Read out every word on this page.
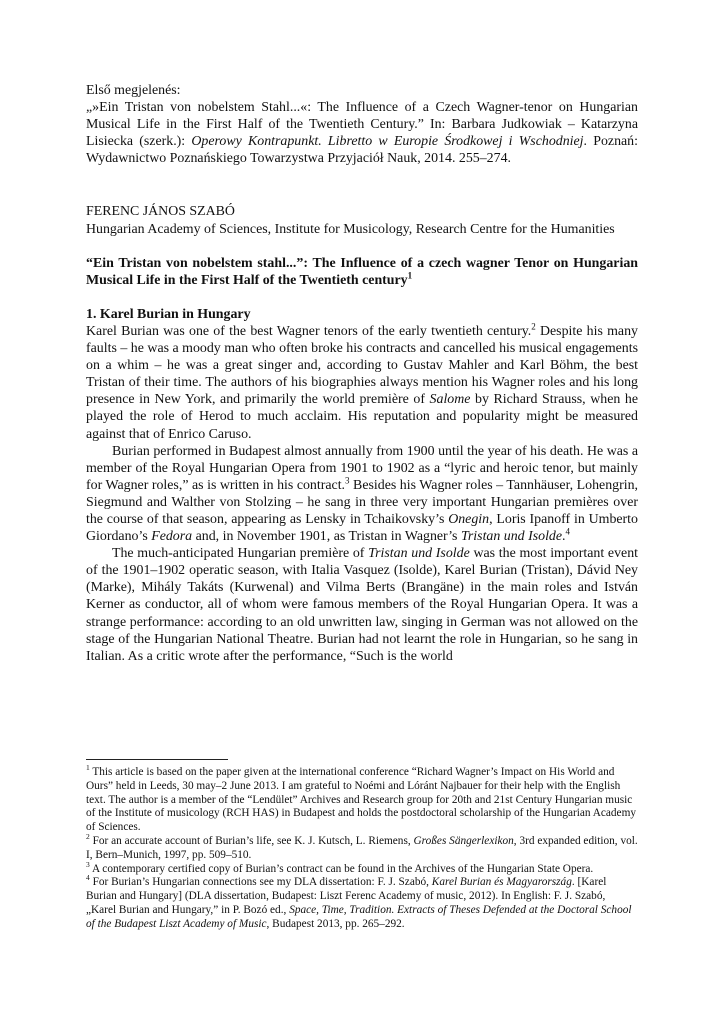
Első megjelenés:

„»Ein Tristan von nobelstem Stahl...«: The Influence of a Czech Wagner-tenor on Hungarian Musical Life in the First Half of the Twentieth Century.” In: Barbara Judkowiak – Katarzyna Lisiecka (szerk.): Operowy Kontrapunkt. Libretto w Europie Środkowej i Wschodniej. Poznań: Wydawnictwo Poznańskiego Towarzystwa Przyjaciół Nauk, 2014. 255–274.

FERENC JÁNOS SZABÓ

Hungarian Academy of Sciences, Institute for Musicology, Research Centre for the Humanities

“Ein Tristan von nobelstem stahl...”: The Influence of a czech wagner Tenor on Hungarian Musical Life in the First Half of the Twentieth century$^1$

1. Karel Burian in Hungary

Karel Burian was one of the best Wagner tenors of the early twentieth century.$^2$ Despite his many faults – he was a moody man who often broke his contracts and cancelled his musical engagements on a whim – he was a great singer and, according to Gustav Mahler and Karl Böhm, the best Tristan of their time. The authors of his biographies always mention his Wagner roles and his long presence in New York, and primarily the world première of Salome by Richard Strauss, when he played the role of Herod to much acclaim. His reputation and popularity might be measured against that of Enrico Caruso.

Burian performed in Budapest almost annually from 1900 until the year of his death. He was a member of the Royal Hungarian Opera from 1901 to 1902 as a “lyric and heroic tenor, but mainly for Wagner roles,” as is written in his contract.$^3$ Besides his Wagner roles – Tannhäuser, Lohengrin, Siegmund and Walther von Stolzing – he sang in three very important Hungarian premières over the course of that season, appearing as Lensky in Tchaikovsky’s Onegin, Loris Ipanoff in Umberto Giordano’s Fedora and, in November 1901, as Tristan in Wagner’s Tristan und Isolde.$^4$

The much-anticipated Hungarian première of Tristan und Isolde was the most important event of the 1901–1902 operatic season, with Italia Vasquez (Isolde), Karel Burian (Tristan), Dávid Ney (Marke), Mihály Takáts (Kurwenal) and Vilma Berts (Brangäne) in the main roles and István Kerner as conductor, all of whom were famous members of the Royal Hungarian Opera. It was a strange performance: according to an old unwritten law, singing in German was not allowed on the stage of the Hungarian National Theatre. Burian had not learnt the role in Hungarian, so he sang in Italian. As a critic wrote after the performance, “Such is the world

$^1$ This article is based on the paper given at the international conference “Richard Wagner’s Impact on His World and Ours” held in Leeds, 30 may–2 June 2013. I am grateful to Noémi and Lóránt Najbauer for their help with the English text. The author is a member of the “Lendület” Archives and Research group for 20th and 21st Century Hungarian music of the Institute of musicology (RCH HAS) in Budapest and holds the postdoctoral scholarship of the Hungarian Academy of Sciences.

$^2$ For an accurate account of Burian’s life, see K. J. Kutsch, L. Riemens, Großes Sängerlexikon, 3rd expanded edition, vol. I, Bern–Munich, 1997, pp. 509–510.

$^3$ A contemporary certified copy of Burian’s contract can be found in the Archives of the Hungarian State Opera.

$^4$ For Burian’s Hungarian connections see my DLA dissertation: F. J. Szabó, Karel Burian és Magyarország. [Karel Burian and Hungary] (DLA dissertation, Budapest: Liszt Ferenc Academy of music, 2012). In English: F. J. Szabó, „Karel Burian and Hungary,” in P. Bozó ed., Space, Time, Tradition. Extracts of Theses Defended at the Doctoral School of the Budapest Liszt Academy of Music, Budapest 2013, pp. 265–292.
